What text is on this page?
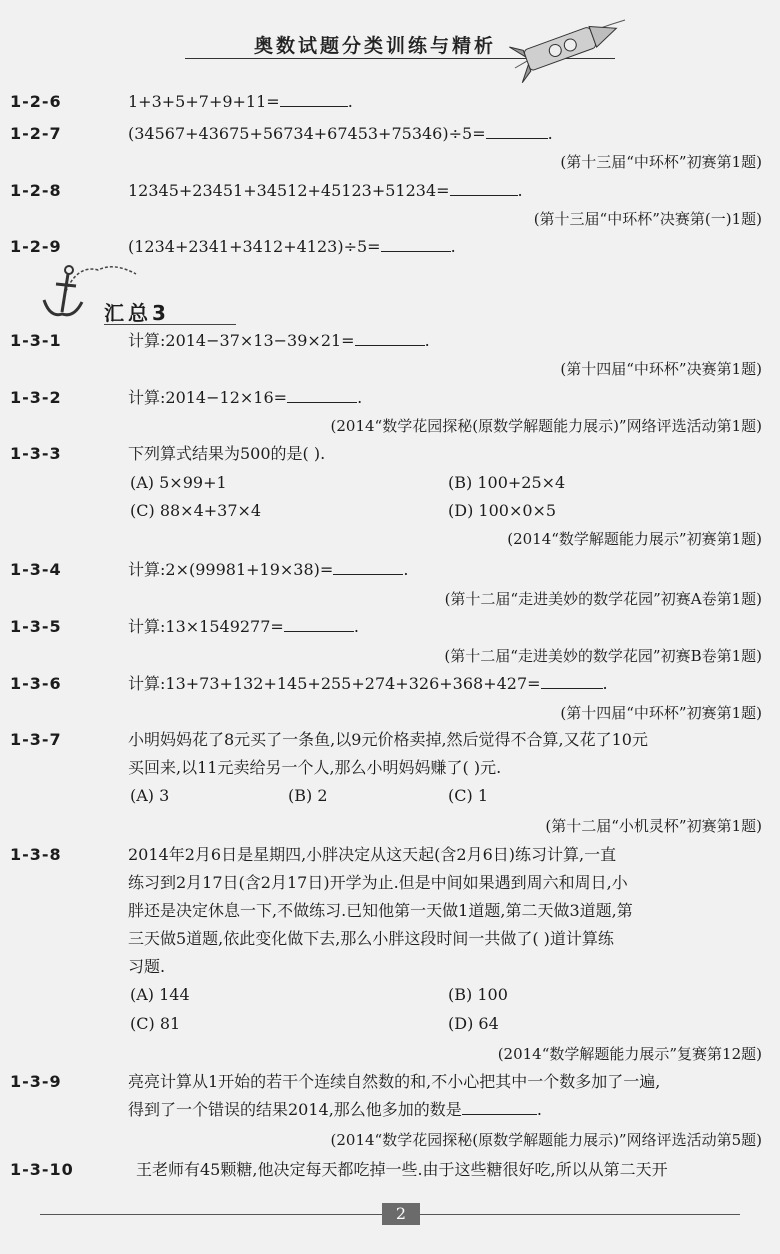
奥数试题分类训练与精析
1-2-6	1+3+5+7+9+11=	.
1-2-7	(34567+43675+56734+67453+75346)÷5=	.
(第十三届“中环杯”初赛第1题)
1-2-8	12345+23451+34512+45123+51234=	.
(第十三届“中环杯”决赛第(一)1题)
1-2-9	(1234+2341+3412+4123)÷5=	.
汇总3
1-3-1	计算:2014−37×13−39×21=	.
(第十四届“中环杯”决赛第1题)
1-3-2	计算:2014−12×16=	.
(2014“数学花园探秘(原数学解题能力展示)”网络评选活动第1题)
1-3-3	下列算式结果为500的是( ).
(A) 5×99+1	(B) 100+25×4
(C) 88×4+37×4	(D) 100×0×5
(2014“数学解题能力展示”初赛第1题)
1-3-4	计算:2×(99981+19×38)=	.
(第十二届“走进美妙的数学花园”初赛A卷第1题)
1-3-5	计算:13×1549277=	.
(第十二届“走进美妙的数学花园”初赛B卷第1题)
1-3-6	计算:13+73+132+145+255+274+326+368+427=	.
(第十四届“中环杯”初赛第1题)
1-3-7	小明妈妈花了8元买了一条鱼,以9元价格卖掉,然后觉得不合算,又花了10元
买回来,以11元卖给另一个人,那么小明妈妈赚了( )元.
(A) 3	(B) 2	(C) 1
(第十二届“小机灵杯”初赛第1题)
1-3-8	2014年2月6日是星期四,小胖决定从这天起(含2月6日)练习计算,一直
练习到2月17日(含2月17日)开学为止.但是中间如果遇到周六和周日,小
胖还是决定休息一下,不做练习.已知他第一天做1道题,第二天做3道题,第
三天做5道题,依此变化做下去,那么小胖这段时间一共做了( )道计算练
习题.
(A) 144	(B) 100
(C) 81	(D) 64
(2014“数学解题能力展示”复赛第12题)
1-3-9	亮亮计算从1开始的若干个连续自然数的和,不小心把其中一个数多加了一遍,
得到了一个错误的结果2014,那么他多加的数是	.
(2014“数学花园探秘(原数学解题能力展示)”网络评选活动第5题)
1-3-10	王老师有45颗糖,他决定每天都吃掉一些.由于这些糖很好吃,所以从第二天开
2
